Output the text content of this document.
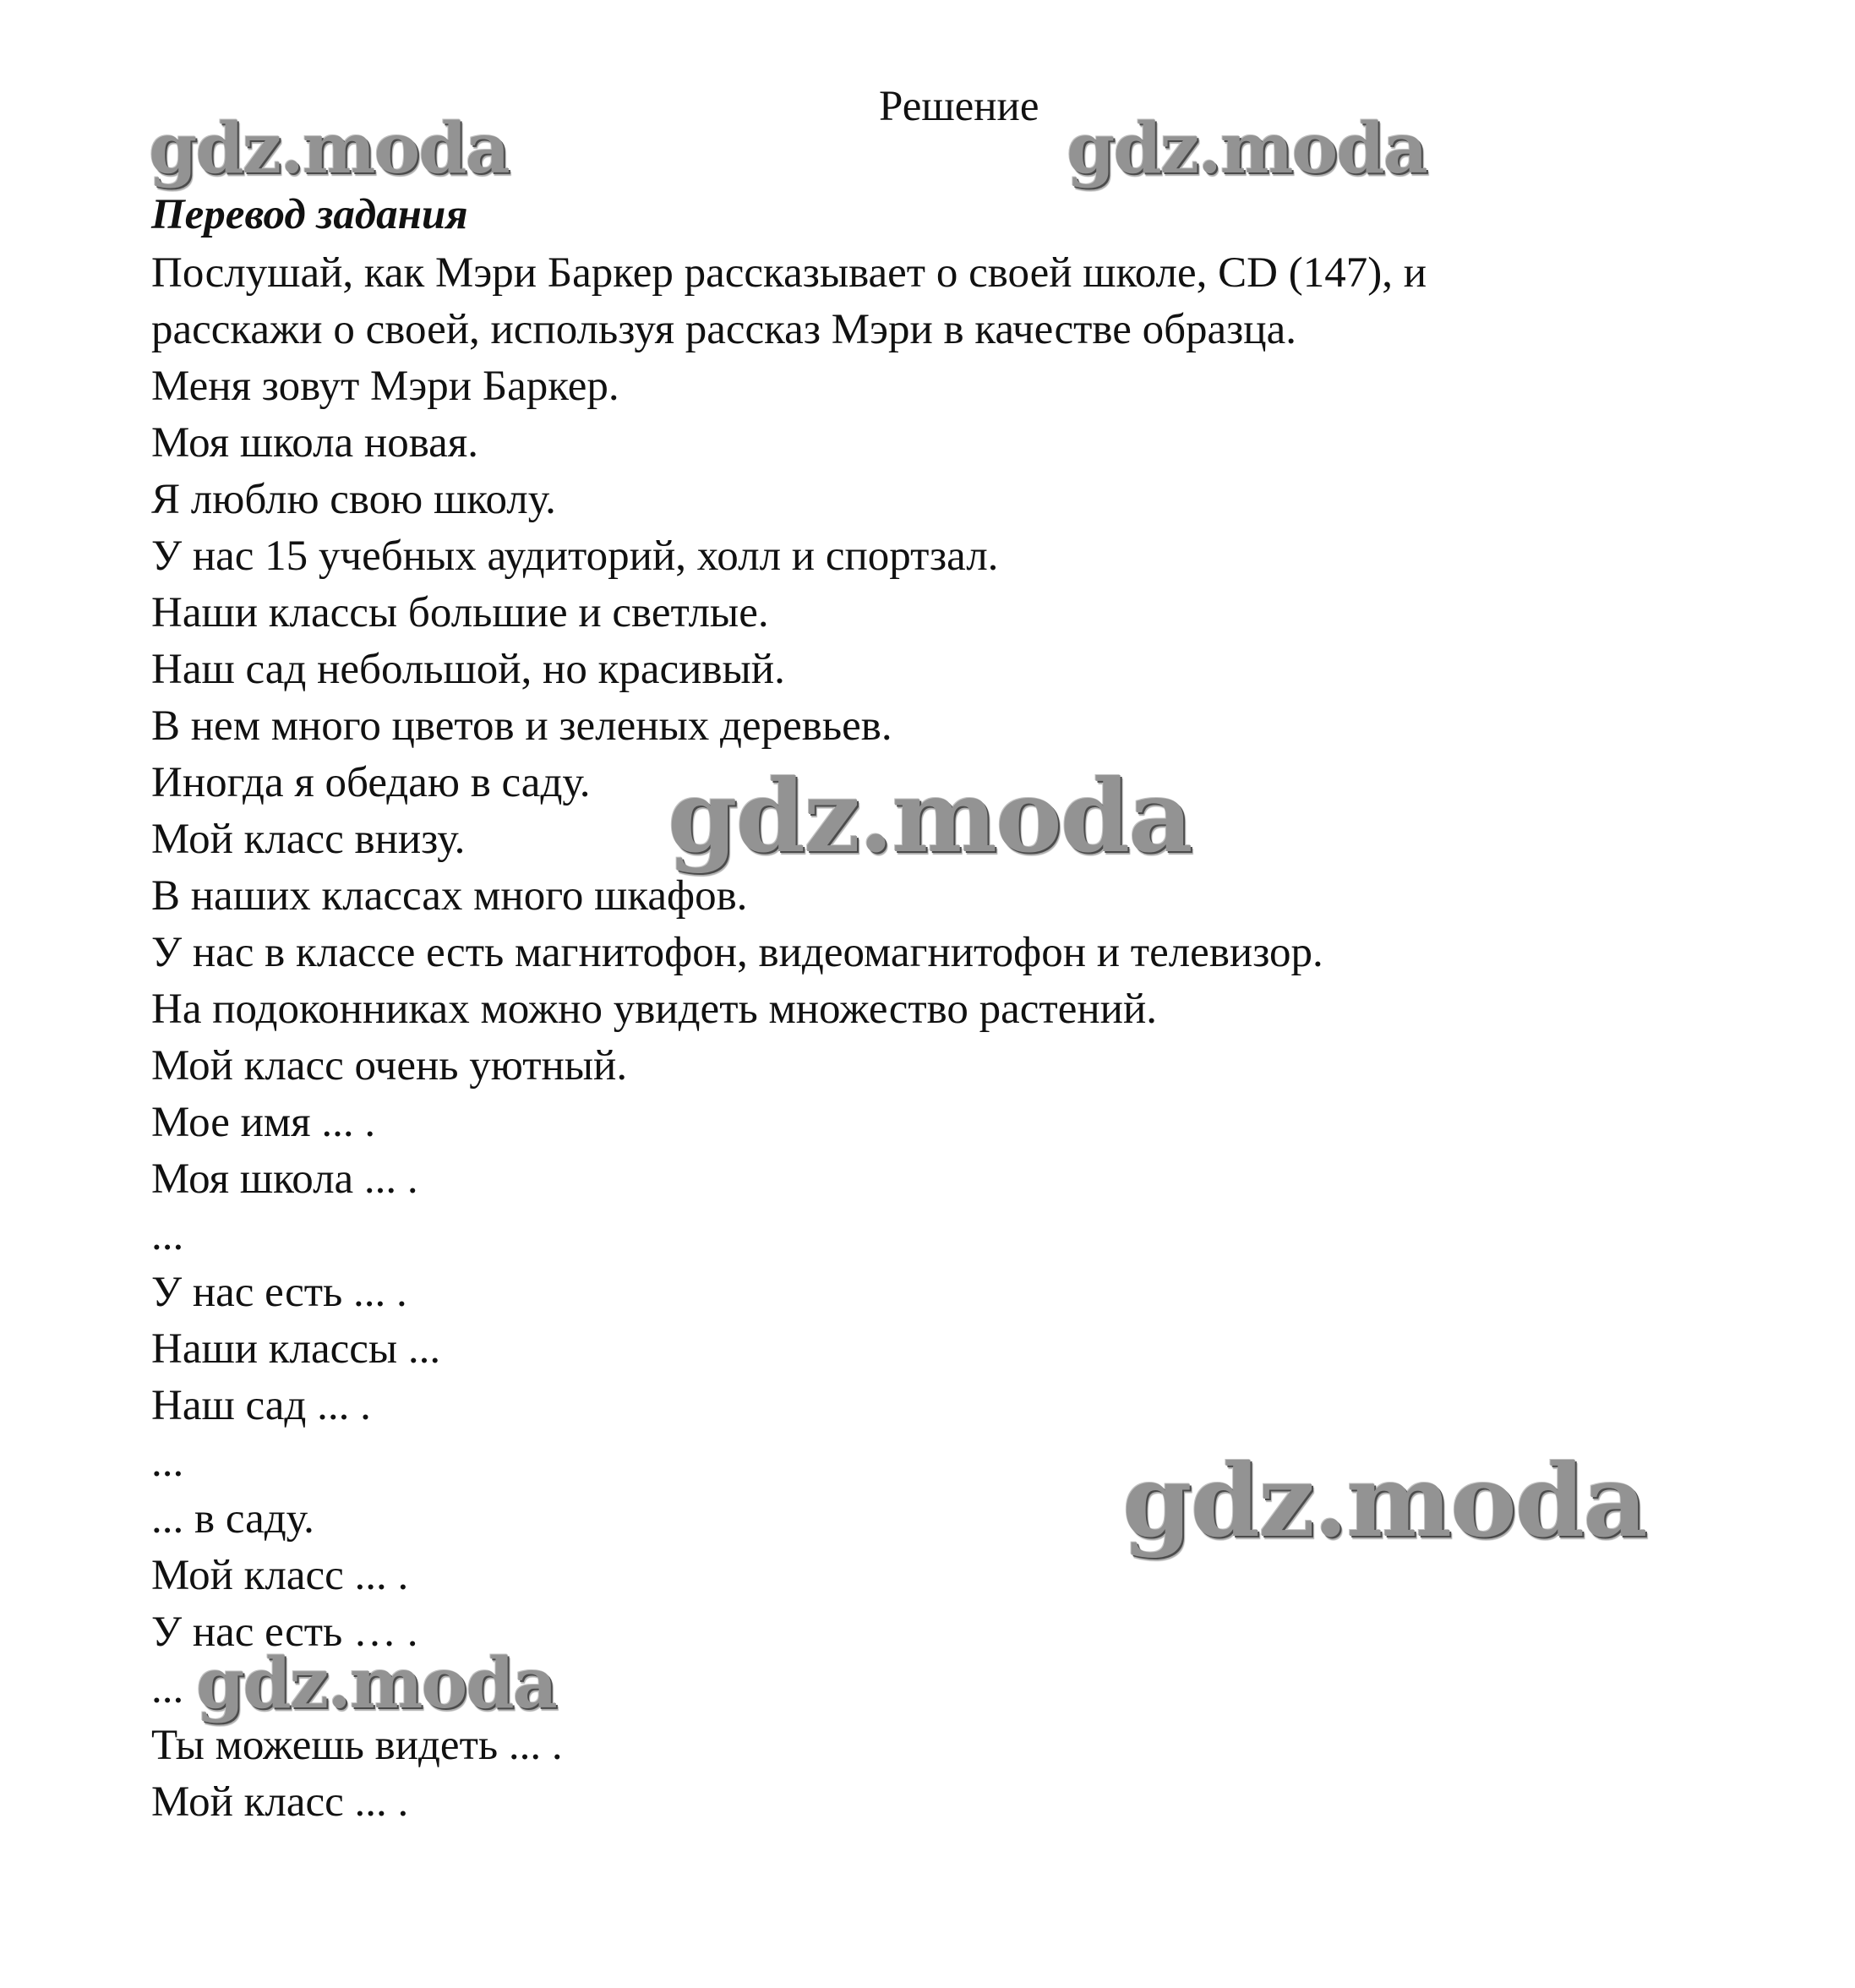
Решение
gdz.moda	gdz.moda
Перевод задания
Послушай, как Мэри Баркер рассказывает о своей школе, CD (147), и
расскажи о своей, используя рассказ Мэри в качестве образца.
Меня зовут Мэри Баркер.
Моя школа новая.
Я люблю свою школу.
У нас 15 учебных аудиторий, холл и спортзал.
Наши классы большие и светлые.
Наш сад небольшой, но красивый.
В нем много цветов и зеленых деревьев.
Иногда я обедаю в саду.
Мой класс внизу.
В наших классах много шкафов.
У нас в классе есть магнитофон, видеомагнитофон и телевизор.
На подоконниках можно увидеть множество растений.
Мой класс очень уютный.
Мое имя ... .
Моя школа ... .
...
У нас есть ... .
Наши классы ...
Наш сад ... .
...
... в саду.
Мой класс ... .
У нас есть … .
...
Ты можешь видеть ... .
Мой класс ... .
gdz.moda
gdz.moda
gdz.moda
